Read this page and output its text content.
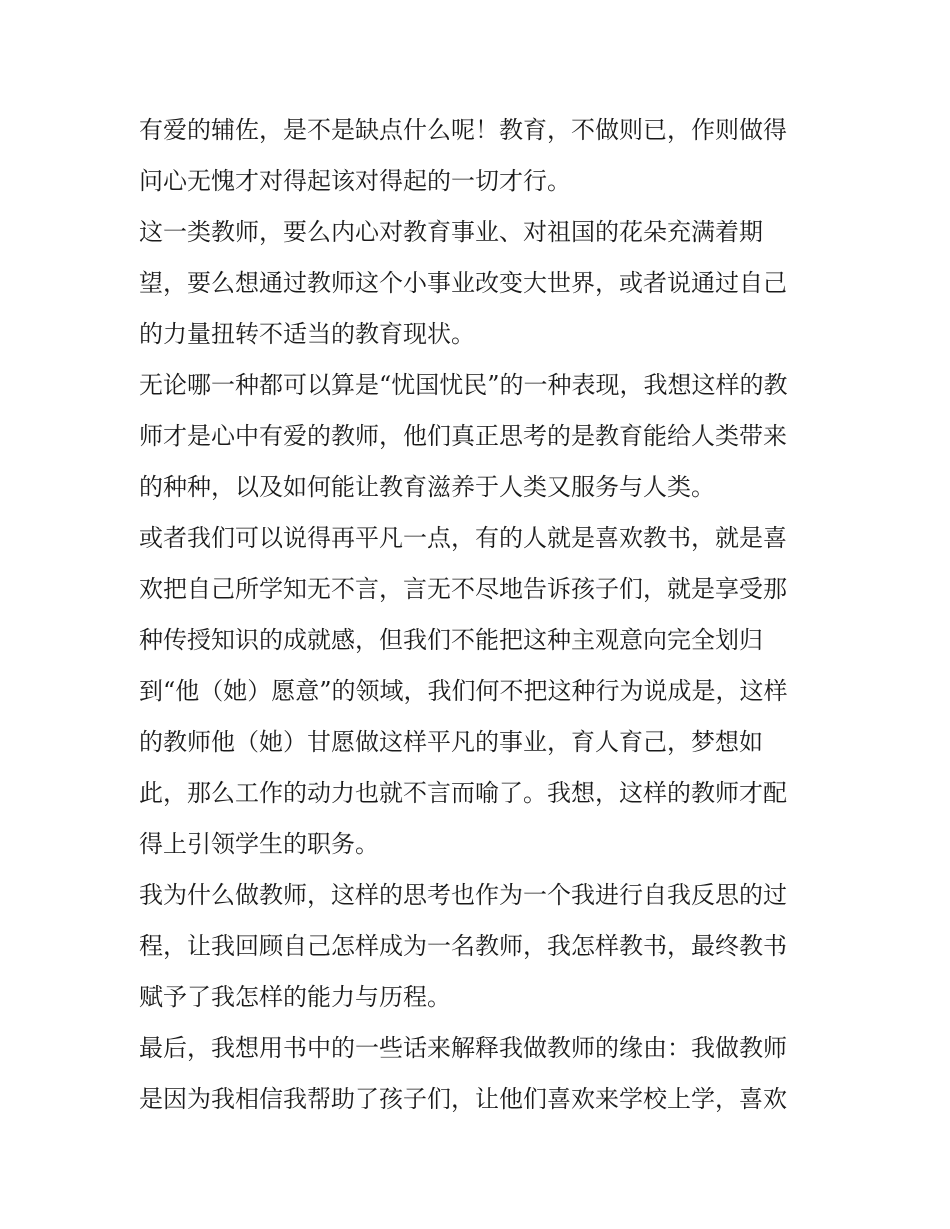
有爱的辅佐，是不是缺点什么呢！教育，不做则已，作则做得
问心无愧才对得起该对得起的一切才行。
这一类教师，要么内心对教育事业、对祖国的花朵充满着期
望，要么想通过教师这个小事业改变大世界，或者说通过自己
的力量扭转不适当的教育现状。
无论哪一种都可以算是“忧国忧民”的一种表现，我想这样的教
师才是心中有爱的教师，他们真正思考的是教育能给人类带来
的种种，以及如何能让教育滋养于人类又服务与人类。
或者我们可以说得再平凡一点，有的人就是喜欢教书，就是喜
欢把自己所学知无不言，言无不尽地告诉孩子们，就是享受那
种传授知识的成就感，但我们不能把这种主观意向完全划归
到“他（她）愿意”的领域，我们何不把这种行为说成是，这样
的教师他（她）甘愿做这样平凡的事业，育人育己，梦想如
此，那么工作的动力也就不言而喻了。我想，这样的教师才配
得上引领学生的职务。
我为什么做教师，这样的思考也作为一个我进行自我反思的过
程，让我回顾自己怎样成为一名教师，我怎样教书，最终教书
赋予了我怎样的能力与历程。
最后，我想用书中的一些话来解释我做教师的缘由：我做教师
是因为我相信我帮助了孩子们，让他们喜欢来学校上学，喜欢
